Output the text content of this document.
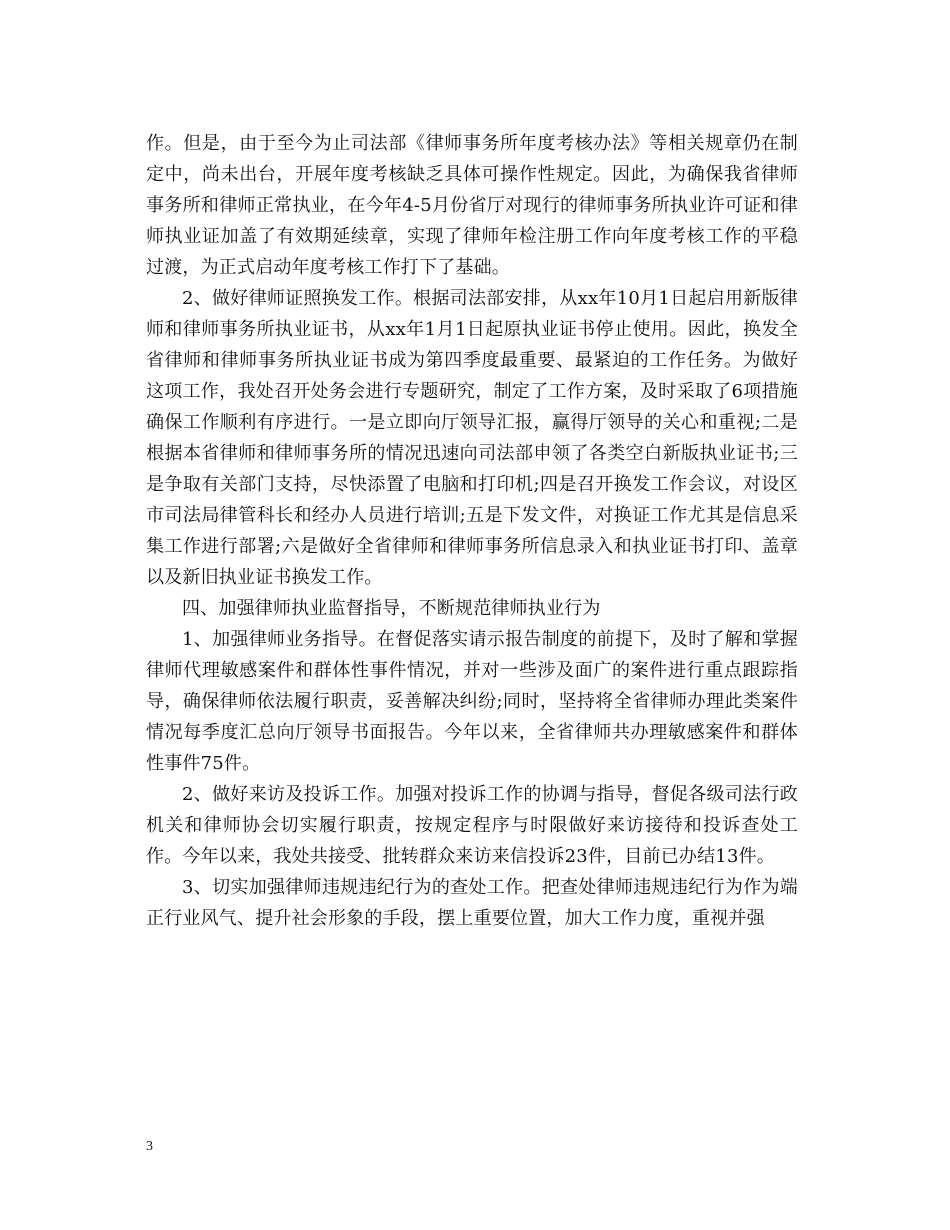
作。但是，由于至今为止司法部《律师事务所年度考核办法》等相关规章仍在制定中，尚未出台，开展年度考核缺乏具体可操作性规定。因此，为确保我省律师事务所和律师正常执业，在今年4-5月份省厅对现行的律师事务所执业许可证和律师执业证加盖了有效期延续章，实现了律师年检注册工作向年度考核工作的平稳过渡，为正式启动年度考核工作打下了基础。

2、做好律师证照换发工作。根据司法部安排，从xx年10月1日起启用新版律师和律师事务所执业证书，从xx年1月1日起原执业证书停止使用。因此，换发全省律师和律师事务所执业证书成为第四季度最重要、最紧迫的工作任务。为做好这项工作，我处召开处务会进行专题研究，制定了工作方案，及时采取了6项措施确保工作顺利有序进行。一是立即向厅领导汇报，赢得厅领导的关心和重视;二是根据本省律师和律师事务所的情况迅速向司法部申领了各类空白新版执业证书;三是争取有关部门支持，尽快添置了电脑和打印机;四是召开换发工作会议，对设区市司法局律管科长和经办人员进行培训;五是下发文件，对换证工作尤其是信息采集工作进行部署;六是做好全省律师和律师事务所信息录入和执业证书打印、盖章以及新旧执业证书换发工作。

四、加强律师执业监督指导，不断规范律师执业行为

1、加强律师业务指导。在督促落实请示报告制度的前提下，及时了解和掌握律师代理敏感案件和群体性事件情况，并对一些涉及面广的案件进行重点跟踪指导，确保律师依法履行职责，妥善解决纠纷;同时，坚持将全省律师办理此类案件情况每季度汇总向厅领导书面报告。今年以来，全省律师共办理敏感案件和群体性事件75件。

2、做好来访及投诉工作。加强对投诉工作的协调与指导，督促各级司法行政机关和律师协会切实履行职责，按规定程序与时限做好来访接待和投诉查处工作。今年以来，我处共接受、批转群众来访来信投诉23件，目前已办结13件。

3、切实加强律师违规违纪行为的查处工作。把查处律师违规违纪行为作为端正行业风气、提升社会形象的手段，摆上重要位置，加大工作力度，重视并强

3
